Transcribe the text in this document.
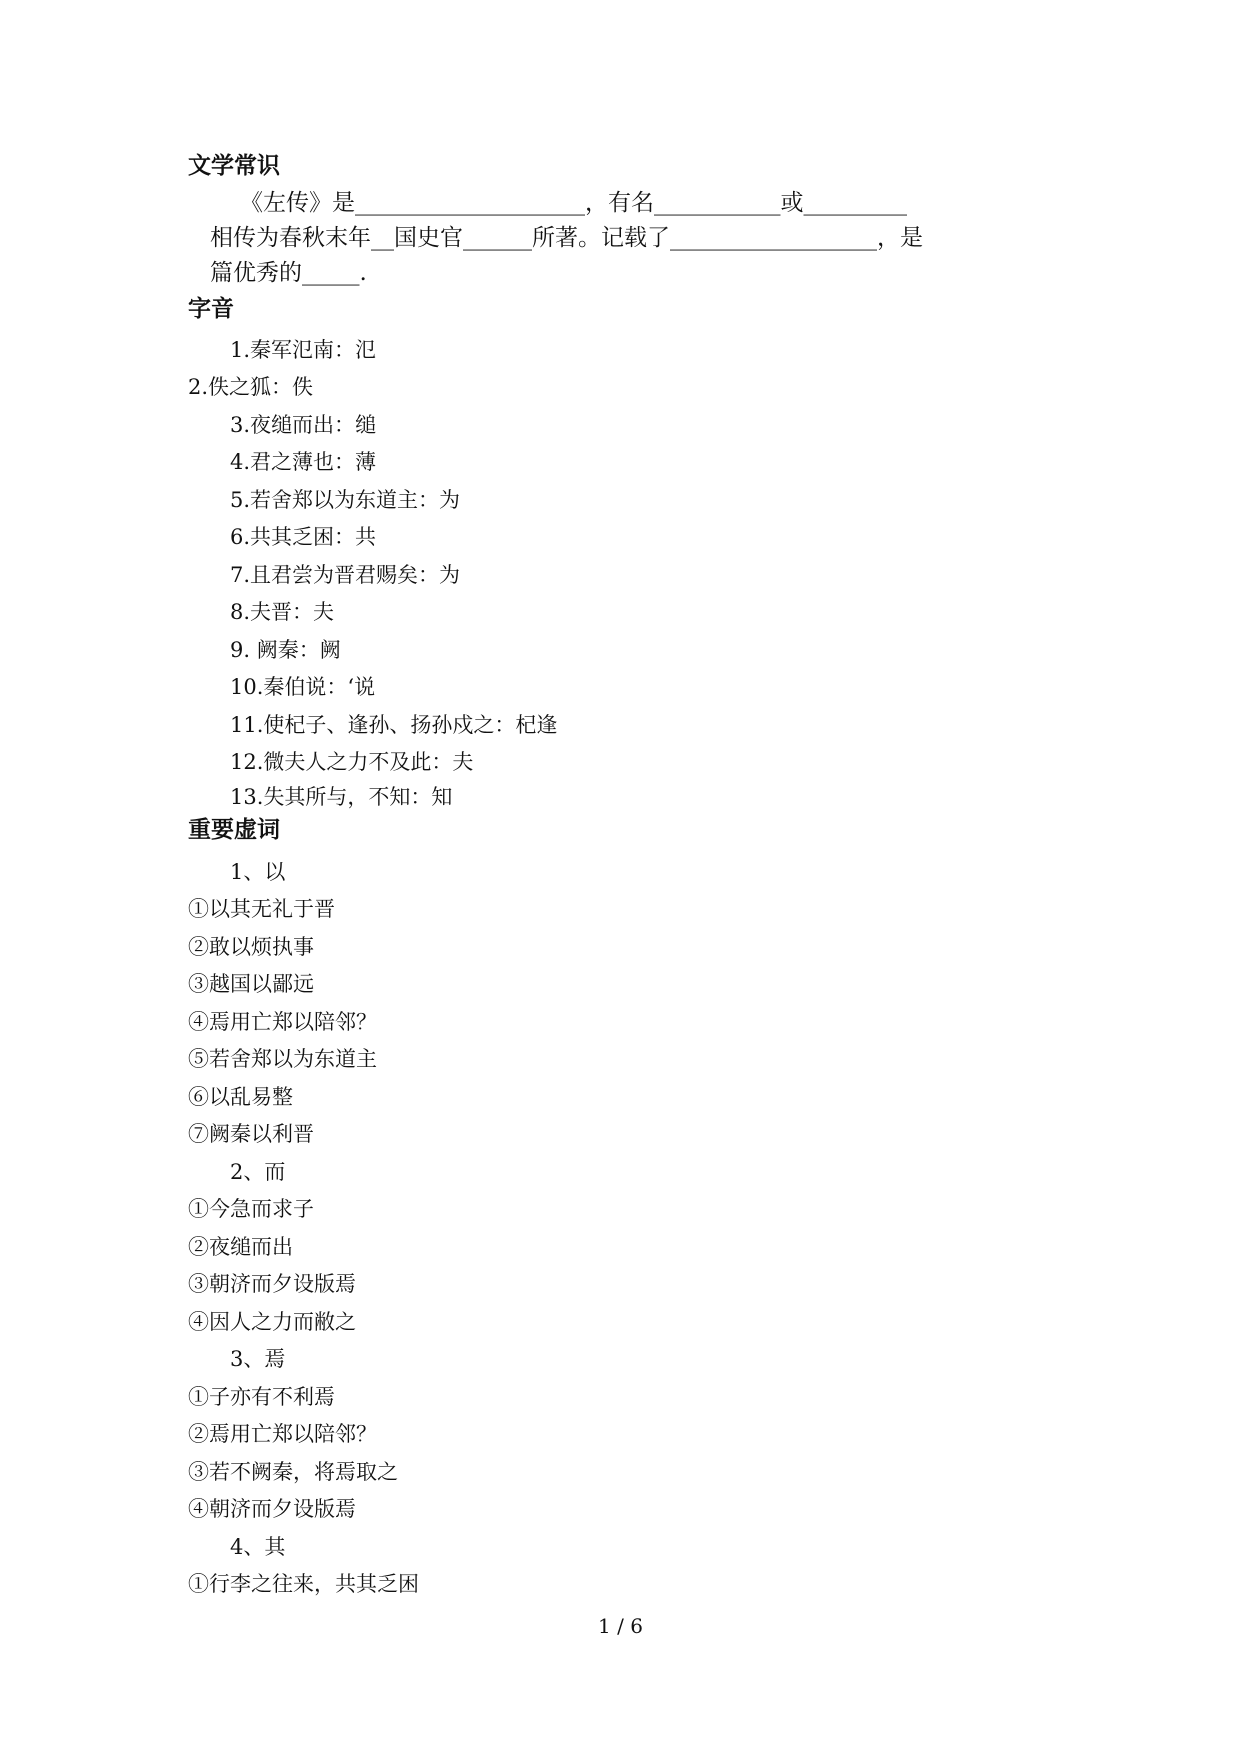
文学常识
《左传》是____________________，有名___________或_________
相传为春秋末年__国史官______所著。记载了__________________，是
篇优秀的_____.
字音
1.秦军氾南：氾
2.佚之狐：佚
3.夜缒而出：缒
4.君之薄也：薄
5.若舍郑以为东道主：为
6.共其乏困：共
7.且君尝为晋君赐矣：为
8.夫晋：夫
9. 阙秦：阙
10.秦伯说：‘说
11.使杞子、逢孙、扬孙戍之：杞逢
12.微夫人之力不及此：夫
13.失其所与，不知：知
重要虚词
1、以
①以其无礼于晋
②敢以烦执事
③越国以鄙远
④焉用亡郑以陪邻？
⑤若舍郑以为东道主
⑥以乱易整
⑦阙秦以利晋
2、而
①今急而求子
②夜缒而出
③朝济而夕设版焉
④因人之力而敝之
3、焉
①子亦有不利焉
②焉用亡郑以陪邻？
③若不阙秦，将焉取之
④朝济而夕设版焉
4、其
①行李之往来，共其乏困
1 / 6
